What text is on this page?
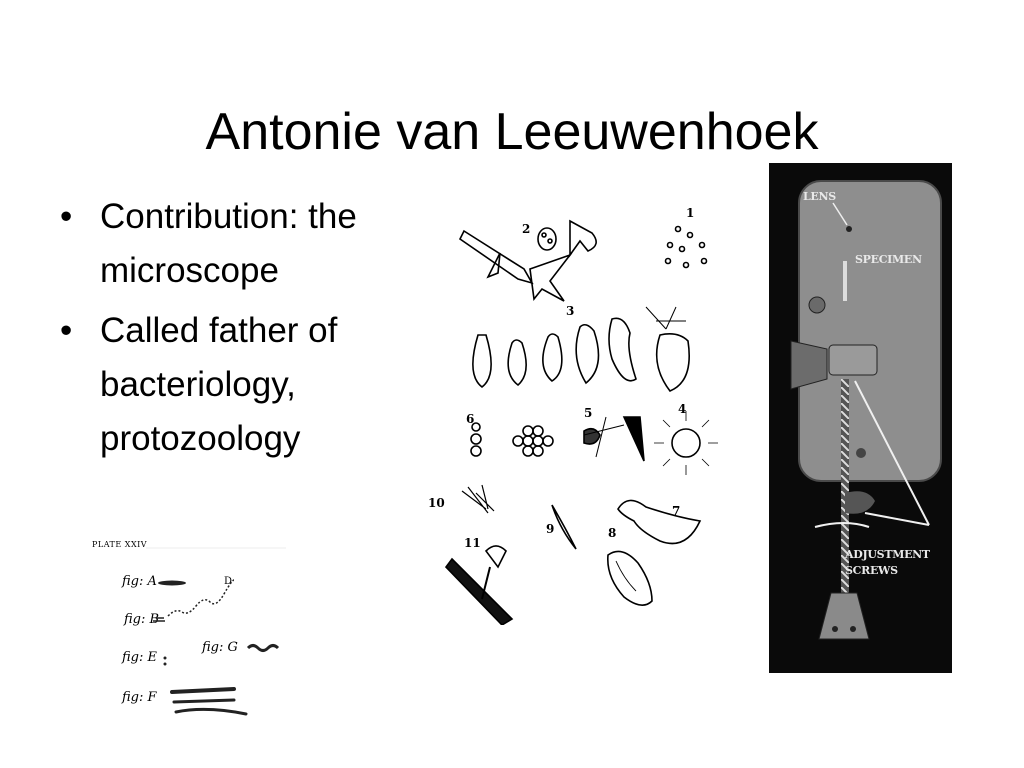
Antonie van Leeuwenhoek
• Contribution: the
microscope
• Called father of
bacteriology,
protozoology
PLATE XXIV
fig: A	D
fig: B
fig: E
fig: G
fig: F
2
1
3
6	5	4
10
9
11
7
8
LENS
SPECIMEN
ADJUSTMENT
SCREWS
